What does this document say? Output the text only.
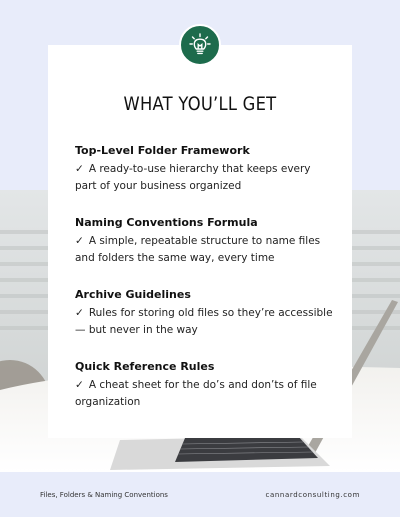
WHAT YOU’LL GET
Top-Level Folder Framework
✓ A ready-to-use hierarchy that keeps every part of your business organized
Naming Conventions Formula
✓ A simple, repeatable structure to name files and folders the same way, every time
Archive Guidelines
✓ Rules for storing old files so they’re accessible — but never in the way
Quick Reference Rules
✓ A cheat sheet for the do’s and don’ts of file organization
Files, Folders & Naming Conventions	cannardconsulting.com
